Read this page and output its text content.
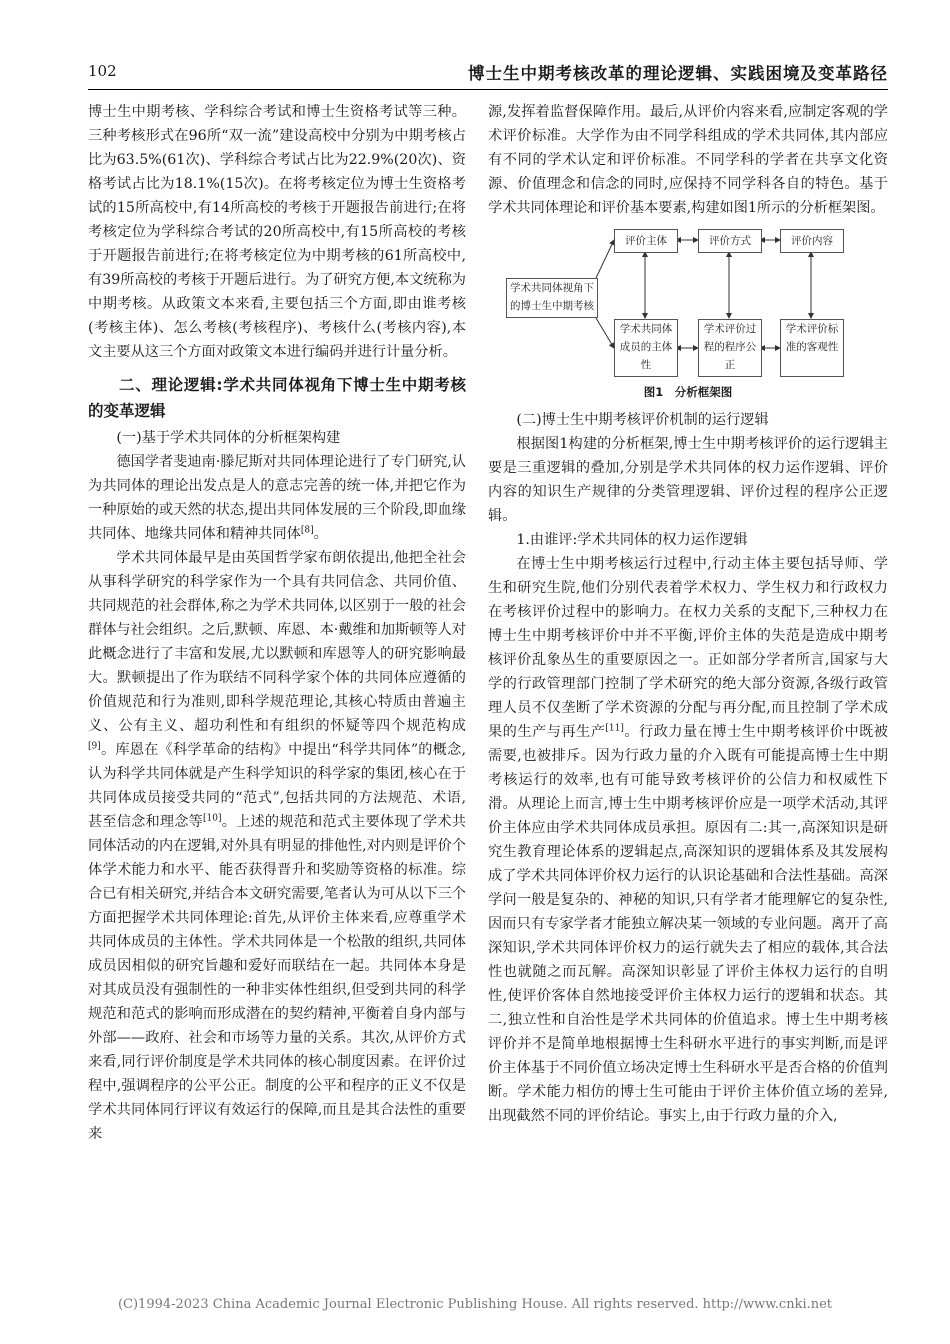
102	博士生中期考核改革的理论逻辑、实践困境及变革路径

博士生中期考核、学科综合考试和博士生资格考试等三种。三种考核形式在96所“双一流”建设高校中分别为中期考核占比为63.5%(61次)、学科综合考试占比为22.9%(20次)、资格考试占比为18.1%(15次)。在将考核定位为博士生资格考试的15所高校中,有14所高校的考核于开题报告前进行;在将考核定位为学科综合考试的20所高校中,有15所高校的考核于开题报告前进行;在将考核定位为中期考核的61所高校中,有39所高校的考核于开题后进行。为了研究方便,本文统称为中期考核。从政策文本来看,主要包括三个方面,即由谁考核(考核主体)、怎么考核(考核程序)、考核什么(考核内容),本文主要从这三个方面对政策文本进行编码并进行计量分析。

二、理论逻辑:学术共同体视角下博士生中期考核的变革逻辑

(一)基于学术共同体的分析框架构建

德国学者斐迪南·滕尼斯对共同体理论进行了专门研究,认为共同体的理论出发点是人的意志完善的统一体,并把它作为一种原始的或天然的状态,提出共同体发展的三个阶段,即血缘共同体、地缘共同体和精神共同体[8]。

学术共同体最早是由英国哲学家布朗依提出,他把全社会从事科学研究的科学家作为一个具有共同信念、共同价值、共同规范的社会群体,称之为学术共同体,以区别于一般的社会群体与社会组织。之后,默顿、库恩、本·戴维和加斯顿等人对此概念进行了丰富和发展,尤以默顿和库恩等人的研究影响最大。默顿提出了作为联结不同科学家个体的共同体应遵循的价值规范和行为准则,即科学规范理论,其核心特质由普遍主义、公有主义、超功利性和有组织的怀疑等四个规范构成[9]。库恩在《科学革命的结构》中提出“科学共同体”的概念,认为科学共同体就是产生科学知识的科学家的集团,核心在于共同体成员接受共同的“范式”,包括共同的方法规范、术语,甚至信念和理念等[10]。上述的规范和范式主要体现了学术共同体活动的内在逻辑,对外具有明显的排他性,对内则是评价个体学术能力和水平、能否获得晋升和奖励等资格的标准。综合已有相关研究,并结合本文研究需要,笔者认为可从以下三个方面把握学术共同体理论:首先,从评价主体来看,应尊重学术共同体成员的主体性。学术共同体是一个松散的组织,共同体成员因相似的研究旨趣和爱好而联结在一起。共同体本身是对其成员没有强制性的一种非实体性组织,但受到共同的科学规范和范式的影响而形成潜在的契约精神,平衡着自身内部与外部——政府、社会和市场等力量的关系。其次,从评价方式来看,同行评价制度是学术共同体的核心制度因素。在评价过程中,强调程序的公平公正。制度的公平和程序的正义不仅是学术共同体同行评议有效运行的保障,而且是其合法性的重要来

源,发挥着监督保障作用。最后,从评价内容来看,应制定客观的学术评价标准。大学作为由不同学科组成的学术共同体,其内部应有不同的学术认定和评价标准。不同学科的学者在共享文化资源、价值理念和信念的同时,应保持不同学科各自的特色。基于学术共同体理论和评价基本要素,构建如图1所示的分析框架图。

学术共同体视角下的博士生中期考核
评价主体	评价方式	评价内容
学术共同体成员的主体性
学术评价过程的程序公正
学术评价标准的客观性
图1　分析框架图

(二)博士生中期考核评价机制的运行逻辑

根据图1构建的分析框架,博士生中期考核评价的运行逻辑主要是三重逻辑的叠加,分别是学术共同体的权力运作逻辑、评价内容的知识生产规律的分类管理逻辑、评价过程的程序公正逻辑。

1.由谁评:学术共同体的权力运作逻辑

在博士生中期考核运行过程中,行动主体主要包括导师、学生和研究生院,他们分别代表着学术权力、学生权力和行政权力在考核评价过程中的影响力。在权力关系的支配下,三种权力在博士生中期考核评价中并不平衡,评价主体的失范是造成中期考核评价乱象丛生的重要原因之一。正如部分学者所言,国家与大学的行政管理部门控制了学术研究的绝大部分资源,各级行政管理人员不仅垄断了学术资源的分配与再分配,而且控制了学术成果的生产与再生产[11]。行政力量在博士生中期考核评价中既被需要,也被排斥。因为行政力量的介入既有可能提高博士生中期考核运行的效率,也有可能导致考核评价的公信力和权威性下滑。从理论上而言,博士生中期考核评价应是一项学术活动,其评价主体应由学术共同体成员承担。原因有二:其一,高深知识是研究生教育理论体系的逻辑起点,高深知识的逻辑体系及其发展构成了学术共同体评价权力运行的认识论基础和合法性基础。高深学问一般是复杂的、神秘的知识,只有学者才能理解它的复杂性,因而只有专家学者才能独立解决某一领域的专业问题。离开了高深知识,学术共同体评价权力的运行就失去了相应的载体,其合法性也就随之而瓦解。高深知识彰显了评价主体权力运行的自明性,使评价客体自然地接受评价主体权力运行的逻辑和状态。其二,独立性和自治性是学术共同体的价值追求。博士生中期考核评价并不是简单地根据博士生科研水平进行的事实判断,而是评价主体基于不同价值立场决定博士生科研水平是否合格的价值判断。学术能力相仿的博士生可能由于评价主体价值立场的差异,出现截然不同的评价结论。事实上,由于行政力量的介入,

(C)1994-2023 China Academic Journal Electronic Publishing House. All rights reserved. http://www.cnki.net
